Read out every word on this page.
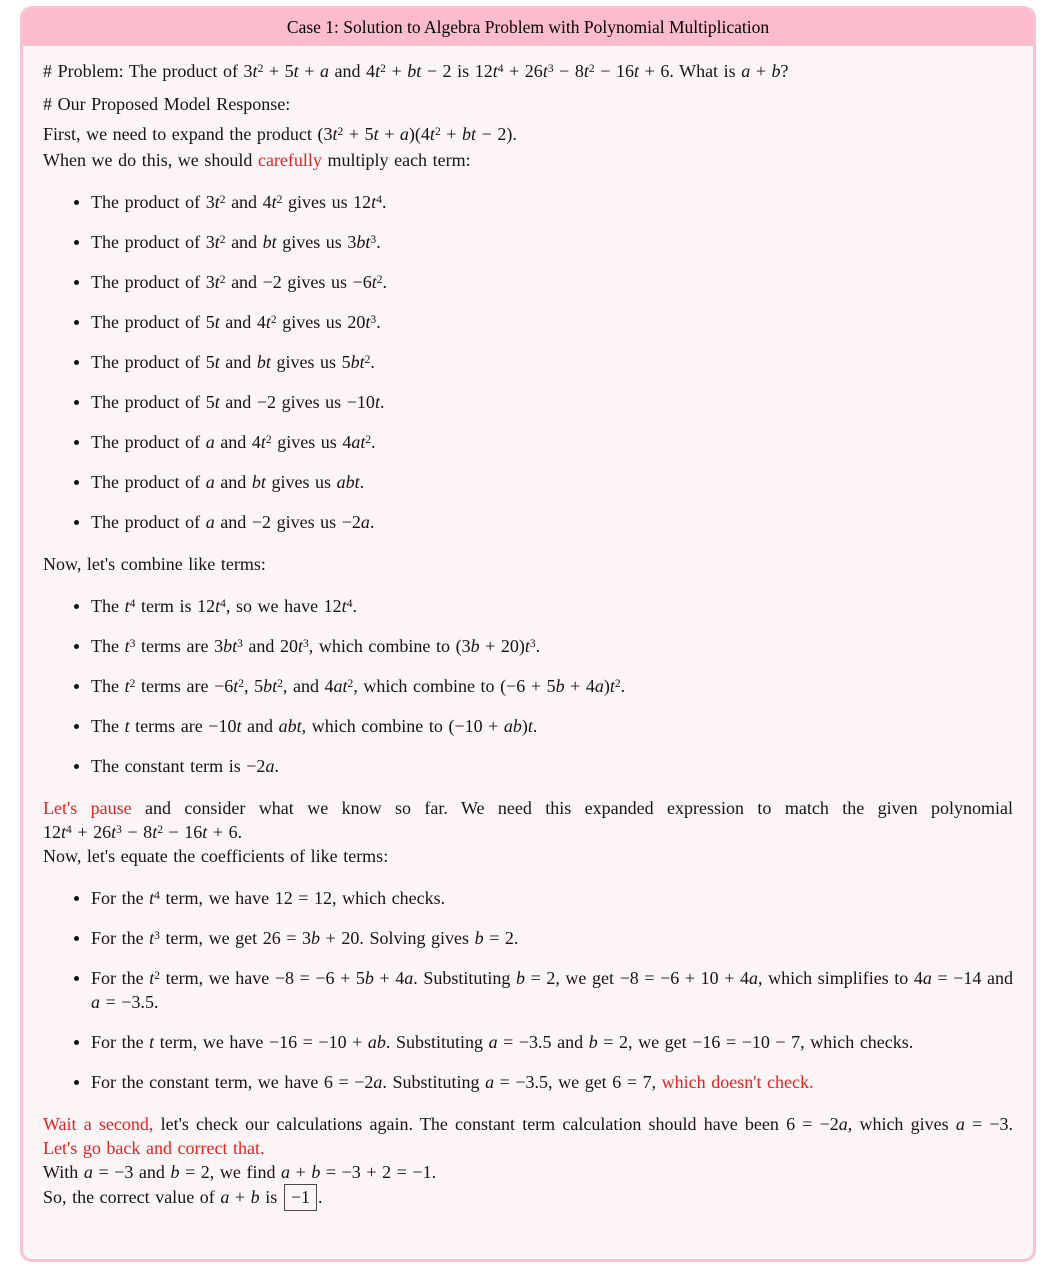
Case 1: Solution to Algebra Problem with Polynomial Multiplication

# Problem: The product of $3t^2 + 5t + a$ and $4t^2$ + bt − 2 is $12t^4 + 26t^3 - 8t^2 - 16t + 6$. What is a + b?

# Our Proposed Model Response:

First, we need to expand the product $(3t^2 + 5t + a)(4t^2$ + bt − 2).

When we do this, we should carefully multiply each term:

The product of $3t^2$ and $4t^2$ gives us $12t^4$.
The product of $3t^2$ and bt gives us $3bt^3$.
The product of $3t^2$ and −2 gives us $-6t^2$.
The product of 5t and $4t^2$ gives us $20t^3$.
The product of 5t and bt gives us $5bt^2$.
The product of 5t and −2 gives us −10t.
The product of a and $4t^2$ gives us $4at^2$.
The product of a and bt gives us abt.
The product of a and −2 gives us −2a.

Now, let's combine like terms:

The $t^4$ term is $12t^4$, so we have $12t^4$.
The $t^3$ terms are $3bt^3$ and $20t^3$, which combine to $(3b + 20)t^3$.
The $t^2$ terms are $-6t^2$, $5bt^2$, and $4at^2$, which combine to $(-6 + 5b + 4a)t^2$.
The t terms are −10t and abt, which combine to (−10 + ab)t.
The constant term is −2a.

Let's pause and consider what we know so far. We need this expanded expression to match the given polynomial $12t^4 + 26t^3 - 8t^2 - 16t + 6$.

Now, let's equate the coefficients of like terms:

For the $t^4$ term, we have 12 = 12, which checks.
For the $t^3$ term, we get 26 = 3b + 20. Solving gives b = 2.
For the $t^2$ term, we have −8 = −6 + 5b + 4a. Substituting b = 2, we get −8 = −6 + 10 + 4a, which simplifies to 4a = −14 and a = −3.5.
For the t term, we have −16 = −10 + ab. Substituting a = −3.5 and b = 2, we get −16 = −10 − 7, which checks.
For the constant term, we have 6 = −2a. Substituting a = −3.5, we get 6 = 7, which doesn't check.

Wait a second, let's check our calculations again. The constant term calculation should have been 6 = −2a, which gives a = −3. Let's go back and correct that.

With a = −3 and b = 2, we find a + b = −3 + 2 = −1.

So, the correct value of a + b is −1 .
